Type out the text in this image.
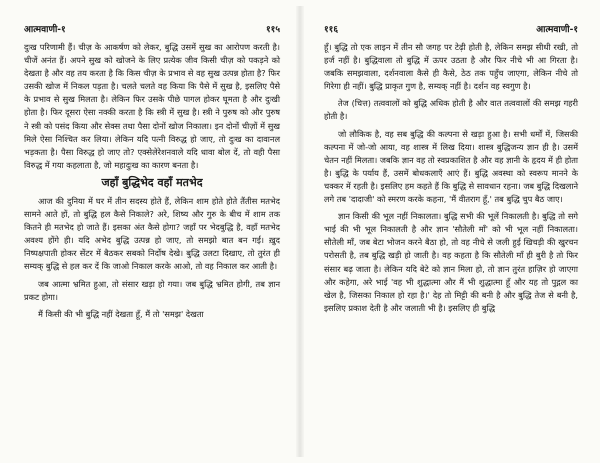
आत्मवाणी-१	११५

दुःख परिणामी हैं। चीज़ के आकर्षण को लेकर, बुद्धि उसमें सुख का आरोपण करती है। चीजें अनंत हैं। अपने सुख को खोजने के लिए प्रत्येक जीव किसी चीज़ को पकड़ने को देखता है और वह तय करता है कि किस चीज़ के प्रभाव से वह सुख उत्पन्न होता है? फिर उसकी खोज में निकल पड़ता है। चलते चलते वह किया कि पैसे में सुख है, इसलिए पैसे के प्रभाव से सुख मिलता है। लेकिन फिर उसके पीछे पागल होकर घूमता है और दुःखी होता है। फिर दूसरा ऐसा नक्की करता है कि स्त्री में सुख है। स्त्री ने पुरुष को और पुरुष ने स्त्री को पसंद किया और सेक्स तथा पैसा दोनों खोज निकाला। इन दोनों चीज़ों में सुख मिले ऐसा निश्चित कर लिया। लेकिन यदि पत्नी विरुद्ध हो जाए, तो दुःख का दावानल भड़कता है। पैसा विरुद्ध हो जाए तो? एक्सेलेरेशनवाले यदि धावा बोल दें, तो वही पैसा विरुद्ध में गया कहलाता है, जो महादुःख का कारण बनता है।

जहाँ बुद्धिभेद वहाँ मतभेद

आज की दुनिया में घर में तीन सदस्य होते हैं, लेकिन शाम होते होते तैंतीस मतभेद सामने आते हों, तो बुद्धि हल कैसे निकाले? अरे, शिष्य और गुरु के बीच में शाम तक कितने ही मतभेद हो जाते हैं। इसका अंत कैसे होगा? जहाँ पर भेदबुद्धि है, वहाँ मतभेद अवश्य होंगे ही। यदि अभेद बुद्धि उत्पन्न हो जाए, तो समझो बात बन गई। ख़ुद निष्पक्षपाती होकर सेंटर में बैठकर सबको निर्दोष देखे। बुद्धि उलटा दिखाए, तो तुरंत ही सम्यक् बुद्धि से हल कर दें कि जाओ निकाल करके आओ, तो वह निकाल कर आती है।

जब आत्मा भ्रमित हुआ, तो संसार खड़ा हो गया। जब बुद्धि भ्रमित होगी, तब ज्ञान प्रकट होगा।

मैं किसी की भी बुद्धि नहीं देखता हूँ, मैं तो 'समझ' देखता

११६	आत्मवाणी-१

हूँ। बुद्धि तो एक लाइन में तीन सौ जगह पर टेढ़ी होती है, लेकिन समझ सीधी रखी, तो हर्ज नहीं है। बुद्धिवाला तो बुद्धि में ऊपर उठता है और फिर नीचे भी आ गिरता है। जबकि समझवाला, दर्शनवाला कैसे ही कैसे, ठेठ तक पहुँच जाएगा, लेकिन नीचे तो गिरेगा ही नहीं। बुद्धि प्राकृत गुण है, सम्यक् नहीं है। दर्शन वह स्वगुण है।

तेज (चित्त) तत्ववालों को बुद्धि अधिक होती है और वात तत्ववालों की समझ गहरी होती है।

जो लौकिक है, वह सब बुद्धि की कल्पना से खड़ा हुआ है। सभी धर्मों में, जिसकी कल्पना में जो-जो आया, वह शास्त्र में लिख दिया। शास्त्र बुद्धिजन्य ज्ञान ही है। उसमें चेतन नहीं मिलता। जबकि ज्ञान वह तो स्वप्रकाशित है और वह ज्ञानी के हृदय में ही होता है। बुद्धि के पर्याय हैं, उसमें बोधकलाएँ आएं हैं। बुद्धि अवस्था को स्वरूप मानने के चक्कर में रहती है। इसलिए हम कहते हैं कि बुद्धि से सावधान रहना। जब बुद्धि दिखलाने लगे तब 'दादाजी' को स्मरण करके कहना, 'मैं वीतराग हूँ,' तब बुद्धि चुप बैठ जाए।

ज्ञान किसी की भूल नहीं निकालता। बुद्धि सभी की भूलें निकालती है। बुद्धि तो सगे भाई की भी भूल निकालती है और ज्ञान 'सौतेली माँ' को भी भूल नहीं निकालता। सौतेली माँ, जब बेटा भोजन करने बैठा हो, तो वह नीचे से जली हुई खिचड़ी की खुरचन परोसती है, तब बुद्धि खड़ी हो जाती है। वह कहता है कि सौतेली माँ ही बुरी है तो फिर संसार बढ़ जाता है। लेकिन यदि बेटे को ज्ञान मिला हो, तो ज्ञान तुरंत हाज़िर हो जाएगा और कहेगा, अरे भाई 'वह भी शुद्धात्मा और मैं भी शुद्धात्मा हूँ और यह तो पुद्गल का खेल है, जिसका निकाल हो रहा है।' देह तो मिट्टी की बनी है और बुद्धि तेज से बनी है, इसलिए प्रकाश देती है और जलाती भी है। इसलिए ही बुद्धि
